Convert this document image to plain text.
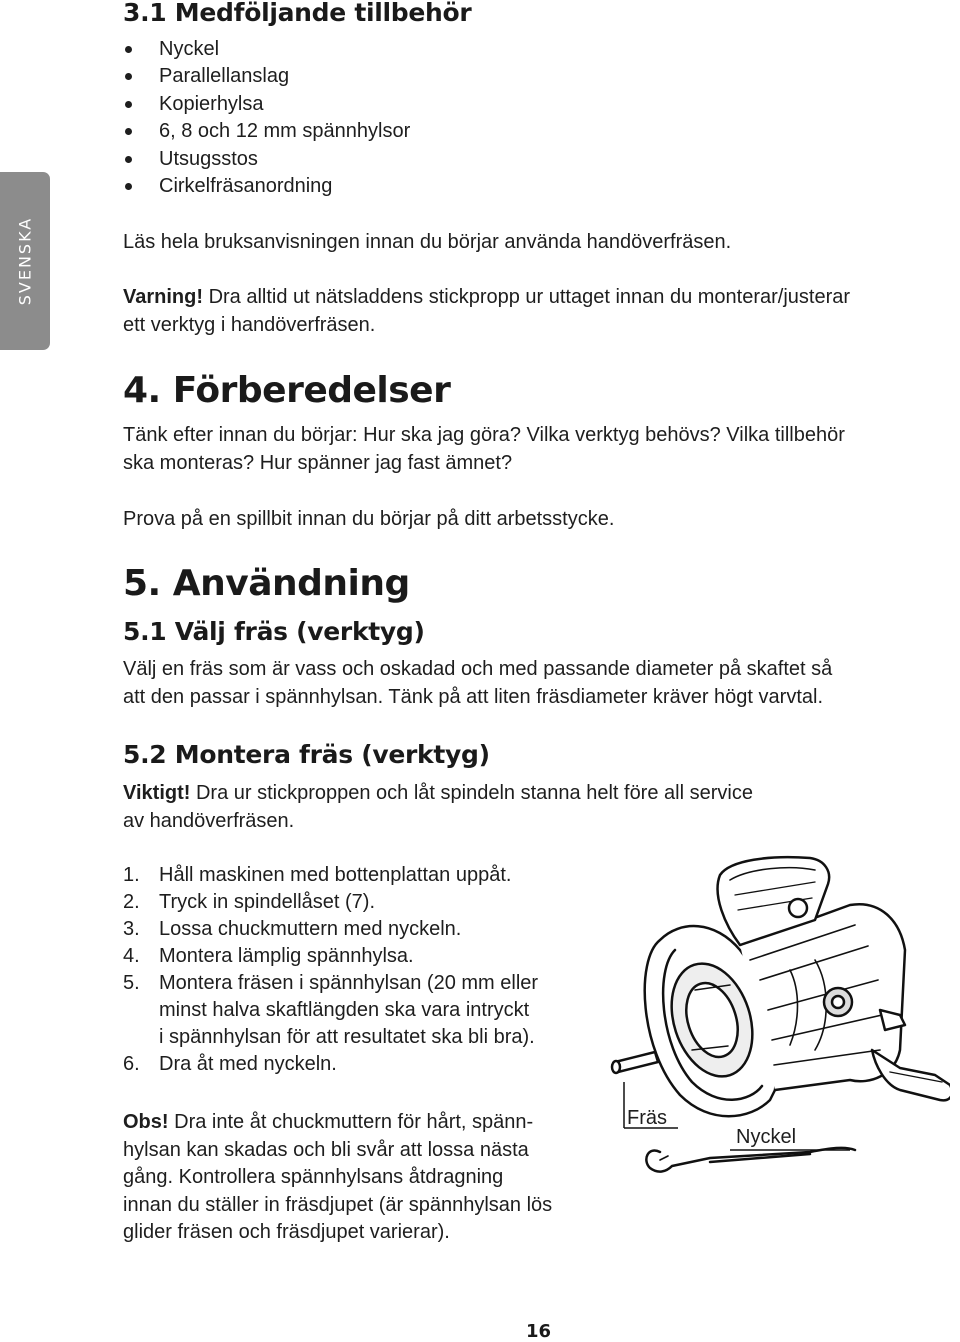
SVENSKA
3.1 Medföljande tillbehör
Nyckel
Parallellanslag
Kopierhylsa
6, 8 och 12 mm spännhylsor
Utsugsstos
Cirkelfräsanordning
Läs hela bruksanvisningen innan du börjar använda handöverfräsen.
Varning! Dra alltid ut nätsladdens stickpropp ur uttaget innan du monterar/justerar
ett verktyg i handöverfräsen.
4. Förberedelser
Tänk efter innan du börjar: Hur ska jag göra? Vilka verktyg behövs? Vilka tillbehör
ska monteras? Hur spänner jag fast ämnet?
Prova på en spillbit innan du börjar på ditt arbetsstycke.
5. Användning
5.1 Välj fräs (verktyg)
Välj en fräs som är vass och oskadad och med passande diameter på skaftet så
att den passar i spännhylsan. Tänk på att liten fräsdiameter kräver högt varvtal.
5.2 Montera fräs (verktyg)
Viktigt! Dra ur stickproppen och låt spindeln stanna helt före all service
av handöverfräsen.
1. Håll maskinen med bottenplattan uppåt.
2. Tryck in spindellåset (7).
3. Lossa chuckmuttern med nyckeln.
4. Montera lämplig spännhylsa.
5. Montera fräsen i spännhylsan (20 mm eller
minst halva skaftlängden ska vara intryckt
i spännhylsan för att resultatet ska bli bra).
6. Dra åt med nyckeln.
Obs! Dra inte åt chuckmuttern för hårt, spänn-
hylsan kan skadas och bli svår att lossa nästa
gång. Kontrollera spännhylsans åtdragning
innan du ställer in fräsdjupet (är spännhylsan lös
glider fräsen och fräsdjupet varierar).
Fräs
Nyckel
16
